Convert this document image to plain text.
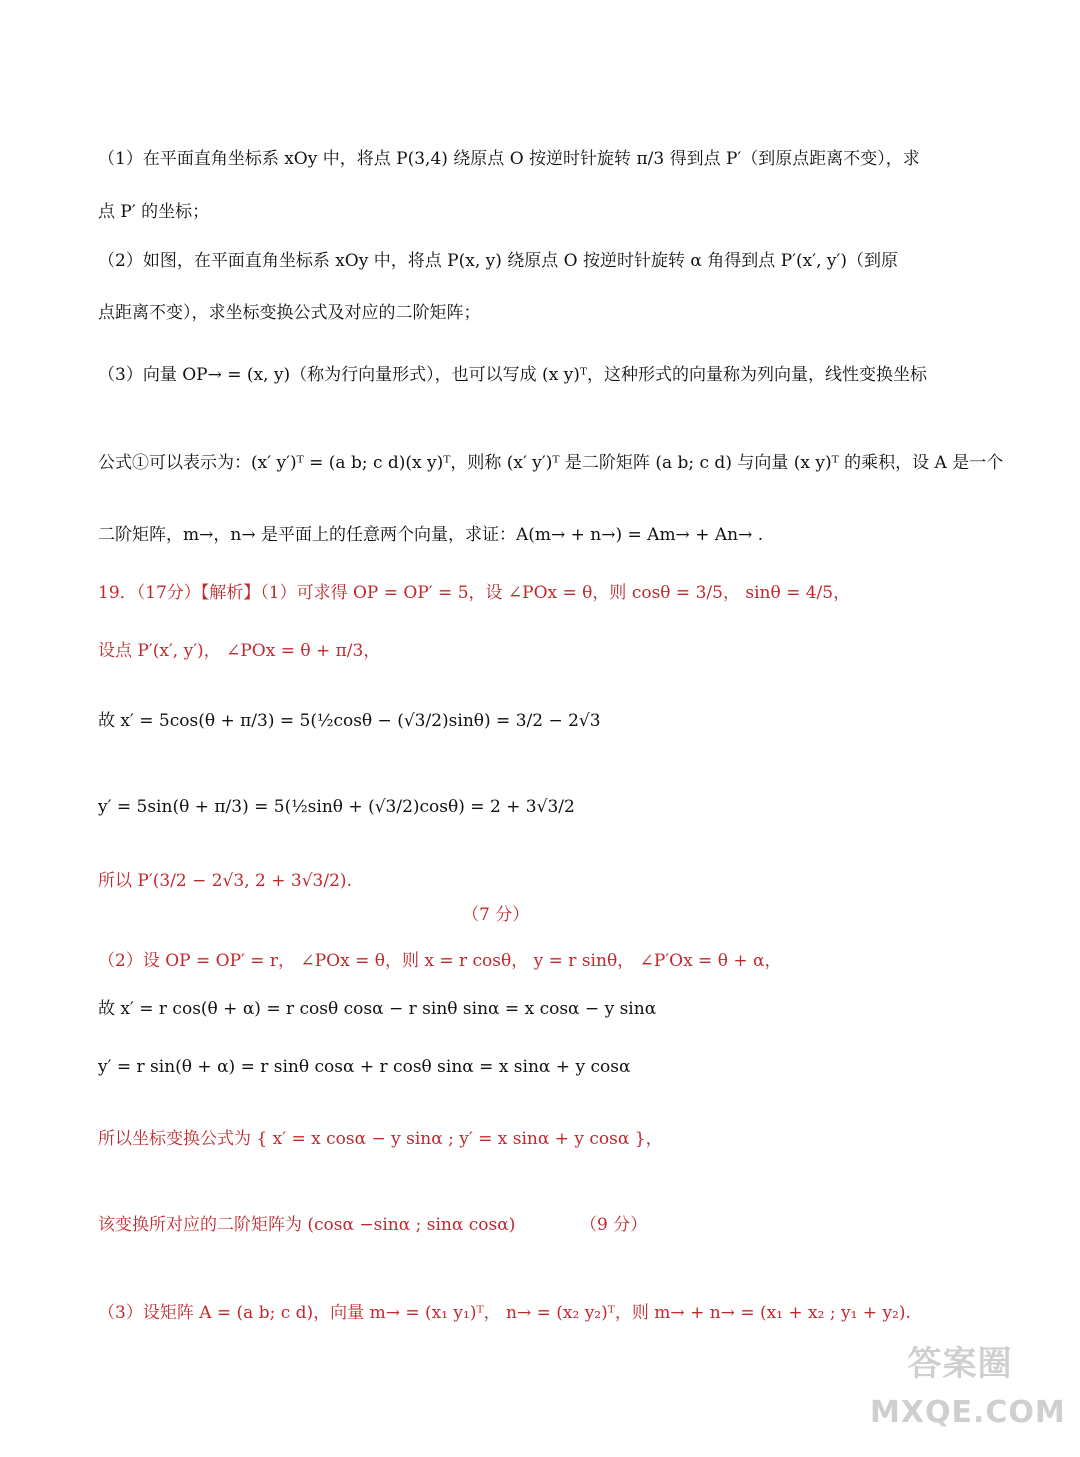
（1）在平面直角坐标系 xOy 中，将点 P(3,4) 绕原点 O 按逆时针旋转 π/3 得到点 P′（到原点距离不变），求
点 P′ 的坐标；
（2）如图，在平面直角坐标系 xOy 中，将点 P(x, y) 绕原点 O 按逆时针旋转 α 角得到点 P′(x′, y′)（到原
点距离不变），求坐标变换公式及对应的二阶矩阵；
（3）向量 OP→ = (x, y)（称为行向量形式），也可以写成 (x y)ᵀ，这种形式的向量称为列向量，线性变换坐标
公式①可以表示为：(x′ y′)ᵀ = (a b; c d)(x y)ᵀ，则称 (x′ y′)ᵀ 是二阶矩阵 (a b; c d) 与向量 (x y)ᵀ 的乘积，设 A 是一个
二阶矩阵，m→，n→ 是平面上的任意两个向量，求证：A(m→ + n→) = Am→ + An→ .
19．（17分）【解析】（1）可求得 OP = OP′ = 5，设 ∠POx = θ，则 cosθ = 3/5， sinθ = 4/5，
设点 P′(x′, y′)， ∠POx = θ + π/3，
故 x′ = 5cos(θ + π/3) = 5(½cosθ − (√3/2)sinθ) = 3/2 − 2√3
y′ = 5sin(θ + π/3) = 5(½sinθ + (√3/2)cosθ) = 2 + 3√3/2
所以 P′(3/2 − 2√3, 2 + 3√3/2).
（7 分）
（2）设 OP = OP′ = r， ∠POx = θ，则 x = r cosθ， y = r sinθ， ∠P′Ox = θ + α，
故 x′ = r cos(θ + α) = r cosθ cosα − r sinθ sinα = x cosα − y sinα
y′ = r sin(θ + α) = r sinθ cosα + r cosθ sinα = x sinα + y cosα
所以坐标变换公式为 { x′ = x cosα − y sinα ; y′ = x sinα + y cosα }，
该变换所对应的二阶矩阵为 (cosα −sinα ; sinα cosα)	（9 分）
（3）设矩阵 A = (a b; c d)，向量 m→ = (x₁ y₁)ᵀ， n→ = (x₂ y₂)ᵀ，则 m→ + n→ = (x₁ + x₂ ; y₁ + y₂).
答案圈
MXQE.COM
